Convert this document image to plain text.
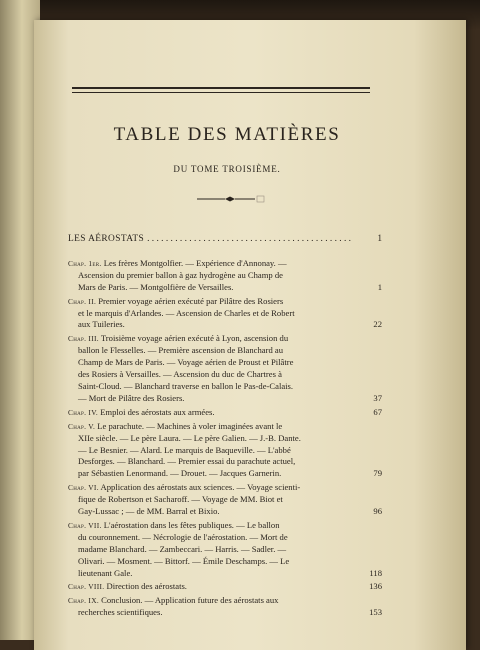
TABLE DES MATIÈRES
DU TOME TROISIÈME.
LES AÉROSTATS . . .	1
Chap. 1er. Les frères Montgolfier. — Expérience d'Annonay. —
Ascension du premier ballon à gaz hydrogène au Champ de
Mars de Paris. — Montgolfière de Versailles.	1
Chap. II. Premier voyage aérien exécuté par Pilâtre des Rosiers
et le marquis d'Arlandes. — Ascension de Charles et de Robert
aux Tuileries.	22
Chap. III. Troisième voyage aérien exécuté à Lyon, ascension du
ballon le Flesselles. — Première ascension de Blanchard au
Champ de Mars de Paris. — Voyage aérien de Proust et Pilâtre
des Rosiers à Versailles. — Ascension du duc de Chartres à
Saint-Cloud. — Blanchard traverse en ballon le Pas-de-Calais.
— Mort de Pilâtre des Rosiers.	37
Chap. IV. Emploi des aérostats aux armées.	67
Chap. V. Le parachute. — Machines à voler imaginées avant le
XIIe siècle. — Le père Laura. — Le père Galien. — J.-B. Dante.
— Le Besnier. — Alard. Le marquis de Baqueville. — L'abbé
Desforges. — Blanchard. — Premier essai du parachute actuel,
par Sébastien Lenormand. — Drouet. — Jacques Garnerin.	79
Chap. VI. Application des aérostats aux sciences. — Voyage scienti-
fique de Robertson et Sacharoff. — Voyage de MM. Biot et
Gay-Lussac ; — de MM. Barral et Bixio.	96
Chap. VII. L'aérostation dans les fêtes publiques. — Le ballon
du couronnement. — Nécrologie de l'aérostation. — Mort de
madame Blanchard. — Zambeccari. — Harris. — Sadler. —
Olivari. — Mosment. — Bittorf. — Émile Deschamps. — Le
lieutenant Gale.	118
Chap. VIII. Direction des aérostats.	136
Chap. IX. Conclusion. — Application future des aérostats aux
recherches scientifiques.	153
